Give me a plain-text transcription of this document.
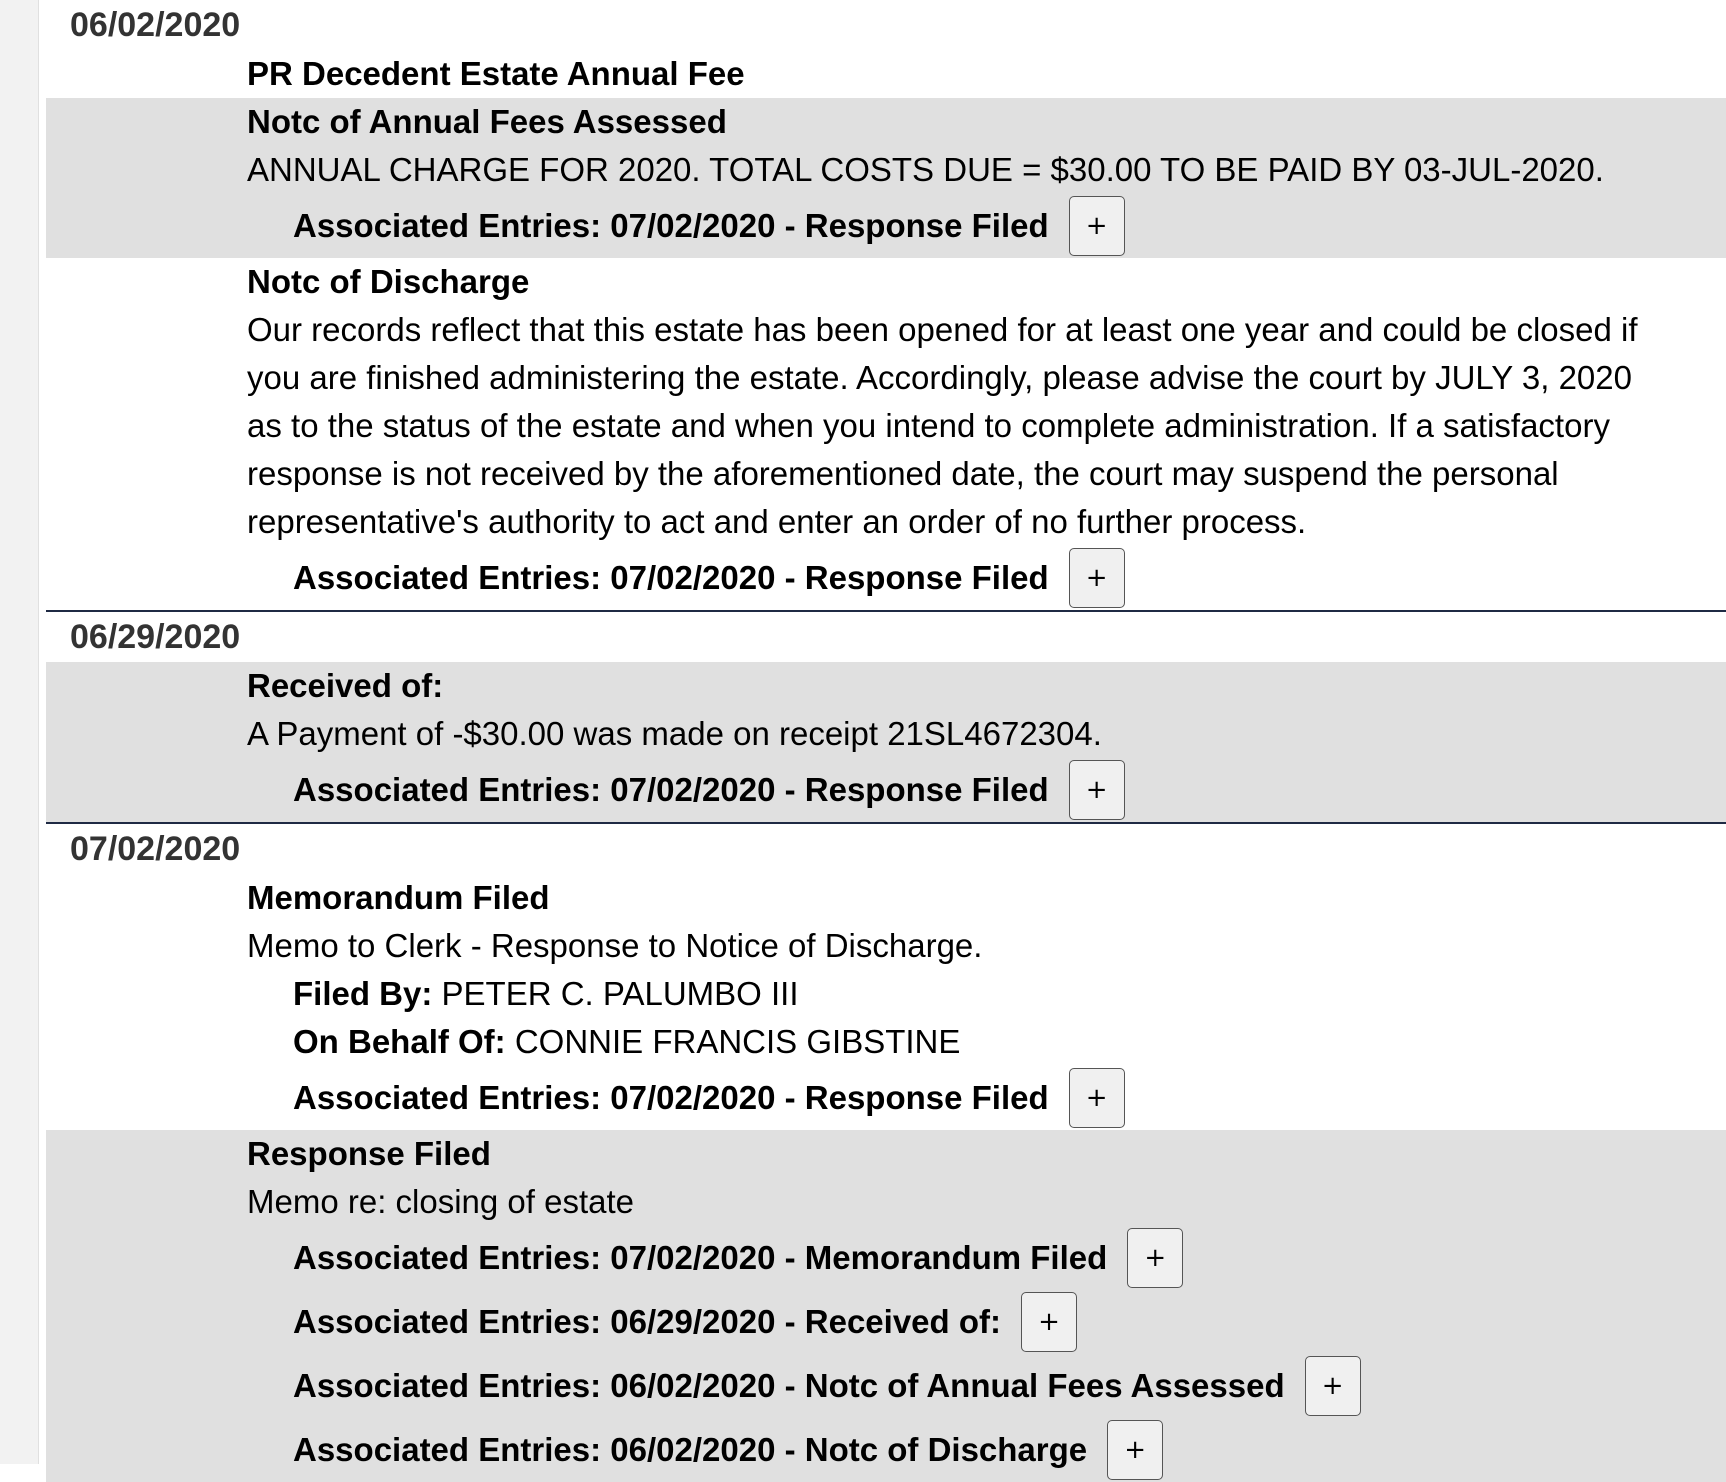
06/02/2020
PR Decedent Estate Annual Fee
Notc of Annual Fees Assessed
ANNUAL CHARGE FOR 2020. TOTAL COSTS DUE = $30.00 TO BE PAID BY 03-JUL-2020.
Associated Entries: 07/02/2020 - Response Filed	+
Notc of Discharge
Our records reflect that this estate has been opened for at least one year and could be closed if you are finished administering the estate. Accordingly, please advise the court by JULY 3, 2020 as to the status of the estate and when you intend to complete administration. If a satisfactory response is not received by the aforementioned date, the court may suspend the personal representative's authority to act and enter an order of no further process.
Associated Entries: 07/02/2020 - Response Filed	+
06/29/2020
Received of:
A Payment of -$30.00 was made on receipt 21SL4672304.
Associated Entries: 07/02/2020 - Response Filed	+
07/02/2020
Memorandum Filed
Memo to Clerk - Response to Notice of Discharge.
Filed By: PETER C. PALUMBO III
On Behalf Of: CONNIE FRANCIS GIBSTINE
Associated Entries: 07/02/2020 - Response Filed	+
Response Filed
Memo re: closing of estate
Associated Entries: 07/02/2020 - Memorandum Filed	+
Associated Entries: 06/29/2020 - Received of:	+
Associated Entries: 06/02/2020 - Notc of Annual Fees Assessed	+
Associated Entries: 06/02/2020 - Notc of Discharge	+
